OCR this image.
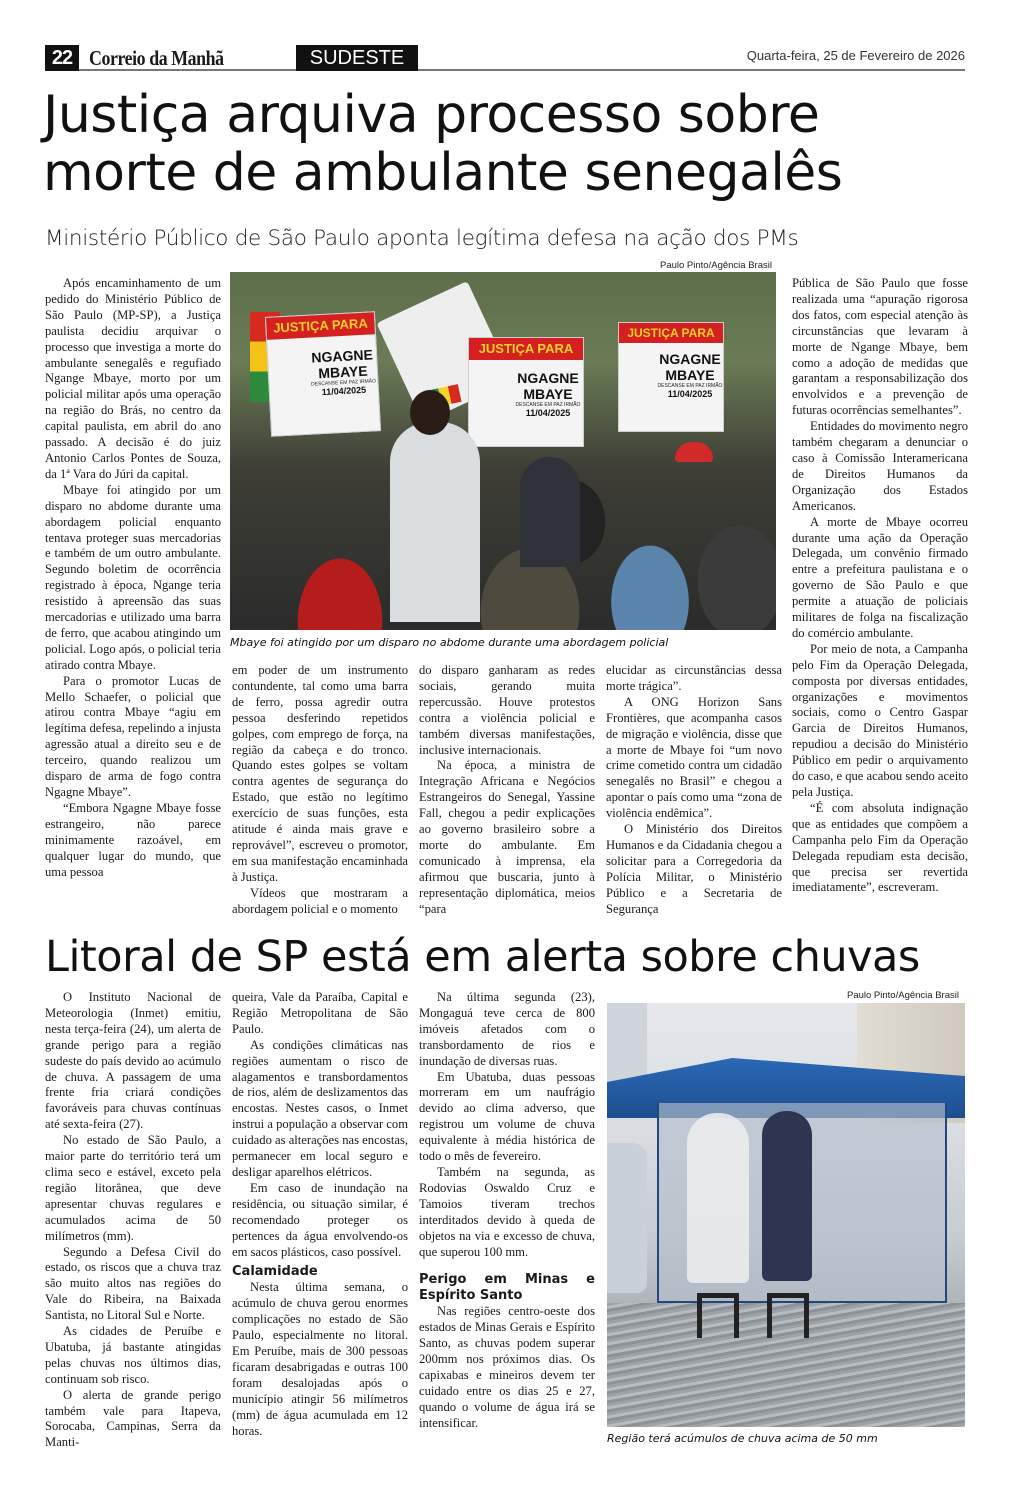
22 Correio da Manhã	SUDESTE	Quarta-feira, 25 de Fevereiro de 2026
Justiça arquiva processo sobre
morte de ambulante senegalês
Ministério Público de São Paulo aponta legítima defesa na ação dos PMs

Após encaminhamento de um pedido do Ministério Público de São Paulo (MP-SP), a Justiça paulista decidiu arquivar o processo que investiga a morte do ambulante senegalês e regufiado Ngange Mbaye, morto por um policial militar após uma operação na região do Brás, no centro da capital paulista, em abril do ano passado. A decisão é do juiz Antonio Carlos Pontes de Souza, da 1ª Vara do Júri da capital.

Mbaye foi atingido por um disparo no abdome durante uma abordagem policial enquanto tentava proteger suas mercadorias e também de um outro ambulante. Segundo boletim de ocorrência registrado à época, Ngange teria resistido à apreensão das suas mercadorias e utilizado uma barra de ferro, que acabou atingindo um policial. Logo após, o policial teria atirado contra Mbaye.

Para o promotor Lucas de Mello Schaefer, o policial que atirou contra Mbaye “agiu em legítima defesa, repelindo a injusta agressão atual a direito seu e de terceiro, quando realizou um disparo de arma de fogo contra Ngagne Mbaye”.

“Embora Ngagne Mbaye fosse estrangeiro, não parece minimamente razoável, em qualquer lugar do mundo, que uma pessoa

Paulo Pinto/Agência Brasil
JUSTIÇA PARA
NGAGNE
MBAYE
DESCANSE EM PAZ IRMÃO
11/04/2025
JUSTIÇA PARA
NGAGNE
MBAYE
DESCANSE EM PAZ IRMÃO
11/04/2025
JUSTIÇA PARA
NGAGNE
MBAYE
DESCANSE EM PAZ IRMÃO
11/04/2025
Mbaye foi atingido por um disparo no abdome durante uma abordagem policial

em poder de um instrumento contundente, tal como uma barra de ferro, possa agredir outra pessoa desferindo repetidos golpes, com emprego de força, na região da cabeça e do tronco. Quando estes golpes se voltam contra agentes de segurança do Estado, que estão no legítimo exercício de suas funções, esta atitude é ainda mais grave e reprovável”, escreveu o promotor, em sua manifestação encaminhada à Justiça.

Vídeos que mostraram a abordagem policial e o momento

do disparo ganharam as redes sociais, gerando muita repercussão. Houve protestos contra a violência policial e também diversas manifestações, inclusive internacionais.

Na época, a ministra de Integração Africana e Negócios Estrangeiros do Senegal, Yassine Fall, chegou a pedir explicações ao governo brasileiro sobre a morte do ambulante. Em comunicado à imprensa, ela afirmou que buscaria, junto à representação diplomática, meios “para

elucidar as circunstâncias dessa morte trágica”.

A ONG Horizon Sans Frontières, que acompanha casos de migração e violência, disse que a morte de Mbaye foi “um novo crime cometido contra um cidadão senegalês no Brasil” e chegou a apontar o país como uma “zona de violência endêmica”.

O Ministério dos Direitos Humanos e da Cidadania chegou a solicitar para a Corregedoria da Polícia Militar, o Ministério Público e a Secretaria de Segurança

Pública de São Paulo que fosse realizada uma “apuração rigorosa dos fatos, com especial atenção às circunstâncias que levaram à morte de Ngange Mbaye, bem como a adoção de medidas que garantam a responsabilização dos envolvidos e a prevenção de futuras ocorrências semelhantes”.

Entidades do movimento negro também chegaram a denunciar o caso à Comissão Interamericana de Direitos Humanos da Organização dos Estados Americanos.

A morte de Mbaye ocorreu durante uma ação da Operação Delegada, um convênio firmado entre a prefeitura paulistana e o governo de São Paulo e que permite a atuação de policiais militares de folga na fiscalização do comércio ambulante.

Por meio de nota, a Campanha pelo Fim da Operação Delegada, composta por diversas entidades, organizações e movimentos sociais, como o Centro Gaspar Garcia de Direitos Humanos, repudiou a decisão do Ministério Público em pedir o arquivamento do caso, e que acabou sendo aceito pela Justiça.

“É com absoluta indignação que as entidades que compõem a Campanha pelo Fim da Operação Delegada repudiam esta decisão, que precisa ser revertida imediatamente”, escreveram.

Litoral de SP está em alerta sobre chuvas

O Instituto Nacional de Meteorologia (Inmet) emitiu, nesta terça-feira (24), um alerta de grande perigo para a região sudeste do país devido ao acúmulo de chuva. A passagem de uma frente fria criará condições favoráveis para chuvas contínuas até sexta-feira (27).

No estado de São Paulo, a maior parte do território terá um clima seco e estável, exceto pela região litorânea, que deve apresentar chuvas regulares e acumulados acima de 50 milímetros (mm).

Segundo a Defesa Civil do estado, os riscos que a chuva traz são muito altos nas regiões do Vale do Ribeira, na Baixada Santista, no Litoral Sul e Norte.

As cidades de Peruíbe e Ubatuba, já bastante atingidas pelas chuvas nos últimos dias, continuam sob risco.

O alerta de grande perigo também vale para Itapeva, Sorocaba, Campinas, Serra da Manti-

queira, Vale da Paraíba, Capital e Região Metropolitana de São Paulo.

As condições climáticas nas regiões aumentam o risco de alagamentos e transbordamentos de rios, além de deslizamentos das encostas. Nestes casos, o Inmet instrui a população a observar com cuidado as alterações nas encostas, permanecer em local seguro e desligar aparelhos elétricos.

Em caso de inundação na residência, ou situação similar, é recomendado proteger os pertences da água envolvendo-os em sacos plásticos, caso possível.

Calamidade

Nesta última semana, o acúmulo de chuva gerou enormes complicações no estado de São Paulo, especialmente no litoral. Em Peruíbe, mais de 300 pessoas ficaram desabrigadas e outras 100 foram desalojadas após o município atingir 56 milímetros (mm) de água acumulada em 12 horas.

Na última segunda (23), Mongaguá teve cerca de 800 imóveis afetados com o transbordamento de rios e inundação de diversas ruas.

Em Ubatuba, duas pessoas morreram em um naufrágio devido ao clima adverso, que registrou um volume de chuva equivalente à média histórica de todo o mês de fevereiro.

Também na segunda, as Rodovias Oswaldo Cruz e Tamoios tiveram trechos interditados devido à queda de objetos na via e excesso de chuva, que superou 100 mm.

Perigo em Minas e Espírito Santo

Nas regiões centro-oeste dos estados de Minas Gerais e Espírito Santo, as chuvas podem superar 200mm nos próximos dias. Os capixabas e mineiros devem ter cuidado entre os dias 25 e 27, quando o volume de água irá se intensificar.

Paulo Pinto/Agência Brasil
Região terá acúmulos de chuva acima de 50 mm
